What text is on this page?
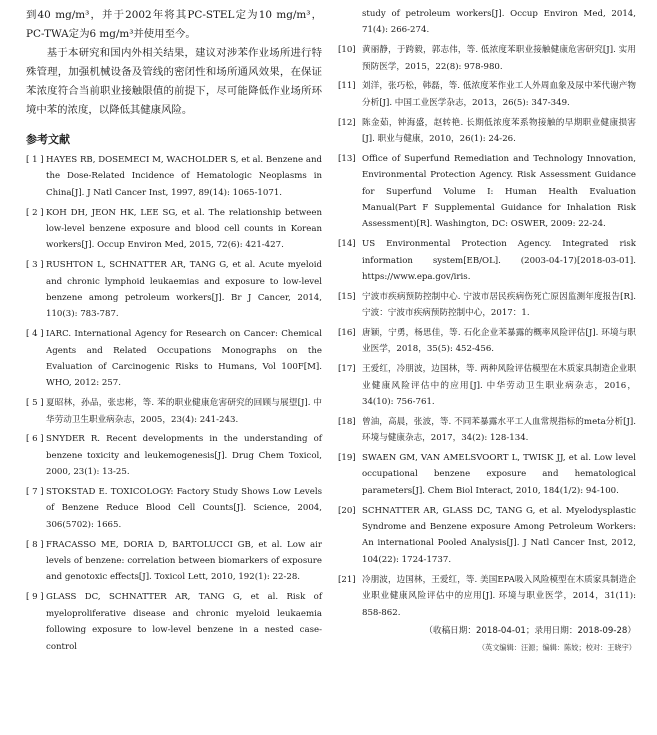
到40 mg/m³，并于2002年将其PC-STEL定为10 mg/m³，PC-TWA定为6 mg/m³并使用至今。

基于本研究和国内外相关结果，建议对涉苯作业场所进行特殊管理，加强机械设备及管线的密闭性和场所通风效果，在保证苯浓度符合当前职业接触限值的前提下，尽可能降低作业场所环境中苯的浓度，以降低其健康风险。

参考文献
[ 1 ] HAYES RB, DOSEMECI M, WACHOLDER S, et al. Benzene and the Dose-Related Incidence of Hematologic Neoplasms in China[J]. J Natl Cancer Inst, 1997, 89(14): 1065-1071.
[ 2 ] KOH DH, JEON HK, LEE SG, et al. The relationship between low-level benzene exposure and blood cell counts in Korean workers[J]. Occup Environ Med, 2015, 72(6): 421-427.
[ 3 ] RUSHTON L, SCHNATTER AR, TANG G, et al. Acute myeloid and chronic lymphoid leukaemias and exposure to low-level benzene among petroleum workers[J]. Br J Cancer, 2014, 110(3): 783-787.
[ 4 ] IARC. International Agency for Research on Cancer: Chemical Agents and Related Occupations Monographs on the Evaluation of Carcinogenic Risks to Humans, Vol 100F[M]. WHO, 2012: 257.
[ 5 ] 夏昭林，孙品，张忠彬，等. 苯的职业健康危害研究的回顾与展望[J]. 中华劳动卫生职业病杂志，2005，23(4): 241-243.
[ 6 ] SNYDER R. Recent developments in the understanding of benzene toxicity and leukemogenesis[J]. Drug Chem Toxicol, 2000, 23(1): 13-25.
[ 7 ] STOKSTAD E. TOXICOLOGY: Factory Study Shows Low Levels of Benzene Reduce Blood Cell Counts[J]. Science, 2004, 306(5702): 1665.
[ 8 ] FRACASSO ME, DORIA D, BARTOLUCCI GB, et al. Low air levels of benzene: correlation between biomarkers of exposure and genotoxic effects[J]. Toxicol Lett, 2010, 192(1): 22-28.
[ 9 ] GLASS DC, SCHNATTER AR, TANG G, et al. Risk of myeloproliferative disease and chronic myeloid leukaemia following exposure to low-level benzene in a nested case-control
study of petroleum workers[J]. Occup Environ Med, 2014, 71(4): 266-274.
[10] 黄丽静，于跨毅，郭志伟，等. 低浓度苯职业接触健康危害研究[J]. 实用预防医学，2015，22(8): 978-980.
[11] 刘洋，张巧松，韩磊，等. 低浓度苯作业工人外周血象及尿中苯代谢产物分析[J]. 中国工业医学杂志，2013，26(5): 347-349.
[12] 陈金茹，钟海盛，赵转艳. 长期低浓度苯系物接触的早期职业健康损害[J]. 职业与健康，2010，26(1): 24-26.
[13] Office of Superfund Remediation and Technology Innovation, Environmental Protection Agency. Risk Assessment Guidance for Superfund Volume I: Human Health Evaluation Manual(Part F Supplemental Guidance for Inhalation Risk Assessment)[R]. Washington, DC: OSWER, 2009: 22-24.
[14] US Environmental Protection Agency. Integrated risk information system[EB/OL]. (2003-04-17)[2018-03-01]. https://www.epa.gov/iris.
[15] 宁波市疾病预防控制中心. 宁波市居民疾病伤死亡原因监测年度报告[R]. 宁波：宁波市疾病预防控制中心，2017：1.
[16] 唐颖，宁勇，杨思佳，等. 石化企业苯暴露的概率风险评估[J]. 环境与职业医学，2018，35(5): 452-456.
[17] 王爱红，冷朋波，边国林，等. 两种风险评估模型在木质家具制造企业职业健康风险评估中的应用[J]. 中华劳动卫生职业病杂志，2016，34(10): 756-761.
[18] 曾油，高晨，张波，等. 不同苯暴露水平工人血常规指标的meta分析[J]. 环境与健康杂志，2017，34(2): 128-134.
[19] SWAEN GM, VAN AMELSVOORT L, TWISK JJ, et al. Low level occupational benzene exposure and hematological parameters[J]. Chem Biol Interact, 2010, 184(1/2): 94-100.
[20] SCHNATTER AR, GLASS DC, TANG G, et al. Myelodysplastic Syndrome and Benzene exposure Among Petroleum Workers: An international Pooled Analysis[J]. J Natl Cancer Inst, 2012, 104(22): 1724-1737.
[21] 冷朋波，边国林，王爱红，等. 美国EPA吸入风险模型在木质家具制造企业职业健康风险评估中的应用[J]. 环境与职业医学，2014，31(11): 858-862.
（收稿日期：2018-04-01；录用日期：2018-09-28）
（英文编辑：汪源；编辑：陈姣；校对：王晓宇）
